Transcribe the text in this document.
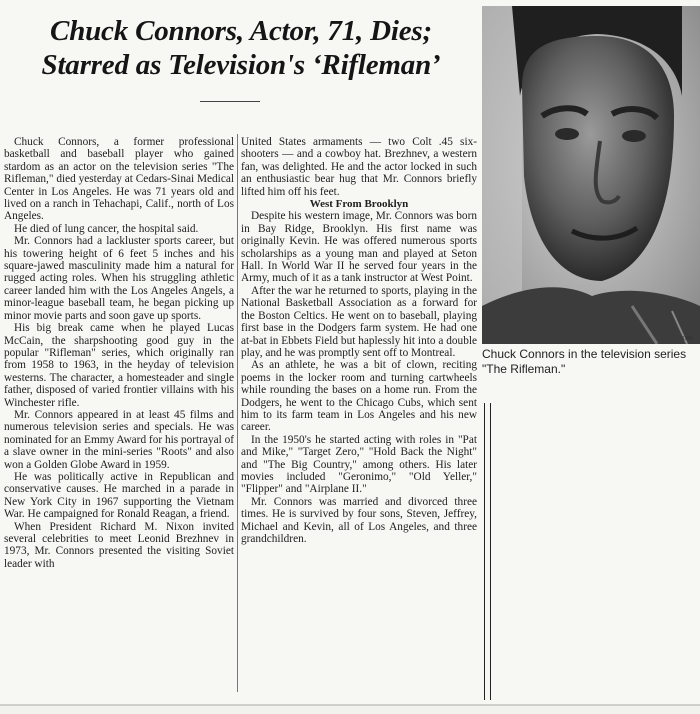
Chuck Connors, Actor, 71, Dies;
Starred as Television's ‘Rifleman’

Chuck Connors, a former professional basketball and baseball player who gained stardom as an actor on the television series "The Rifleman," died yesterday at Cedars-Sinai Medical Center in Los Angeles. He was 71 years old and lived on a ranch in Tehachapi, Calif., north of Los Angeles.

He died of lung cancer, the hospital said.

Mr. Connors had a lackluster sports career, but his towering height of 6 feet 5 inches and his square-jawed masculinity made him a natural for rugged acting roles. When his struggling athletic career landed him with the Los Angeles Angels, a minor-league baseball team, he began picking up minor movie parts and soon gave up sports.

His big break came when he played Lucas McCain, the sharpshooting good guy in the popular "Rifleman" series, which originally ran from 1958 to 1963, in the heyday of television westerns. The character, a homesteader and single father, disposed of varied frontier villains with his Winchester rifle.

Mr. Connors appeared in at least 45 films and numerous television series and specials. He was nominated for an Emmy Award for his portrayal of a slave owner in the mini-series "Roots" and also won a Golden Globe Award in 1959.

He was politically active in Republican and conservative causes. He marched in a parade in New York City in 1967 supporting the Vietnam War. He campaigned for Ronald Reagan, a friend.

When President Richard M. Nixon invited several celebrities to meet Leonid Brezhnev in 1973, Mr. Connors presented the visiting Soviet leader with

United States armaments — two Colt .45 six-shooters — and a cowboy hat. Brezhnev, a western fan, was delighted. He and the actor locked in such an enthusiastic bear hug that Mr. Connors briefly lifted him off his feet.

West From Brooklyn

Despite his western image, Mr. Connors was born in Bay Ridge, Brooklyn. His first name was originally Kevin. He was offered numerous sports scholarships as a young man and played at Seton Hall. In World War II he served four years in the Army, much of it as a tank instructor at West Point.

After the war he returned to sports, playing in the National Basketball Association as a forward for the Boston Celtics. He went on to baseball, playing first base in the Dodgers farm system. He had one at-bat in Ebbets Field but haplessly hit into a double play, and he was promptly sent off to Montreal.

As an athlete, he was a bit of clown, reciting poems in the locker room and turning cartwheels while rounding the bases on a home run. From the Dodgers, he went to the Chicago Cubs, which sent him to its farm team in Los Angeles and his new career.

In the 1950's he started acting with roles in "Pat and Mike," "Target Zero," "Hold Back the Night" and "The Big Country," among others. His later movies included "Geronimo," "Old Yeller," "Flipper" and "Airplane II."

Mr. Connors was married and divorced three times. He is survived by four sons, Steven, Jeffrey, Michael and Kevin, all of Los Angeles, and three grandchildren.

1960
Chuck Connors in the television series "The Rifleman."
